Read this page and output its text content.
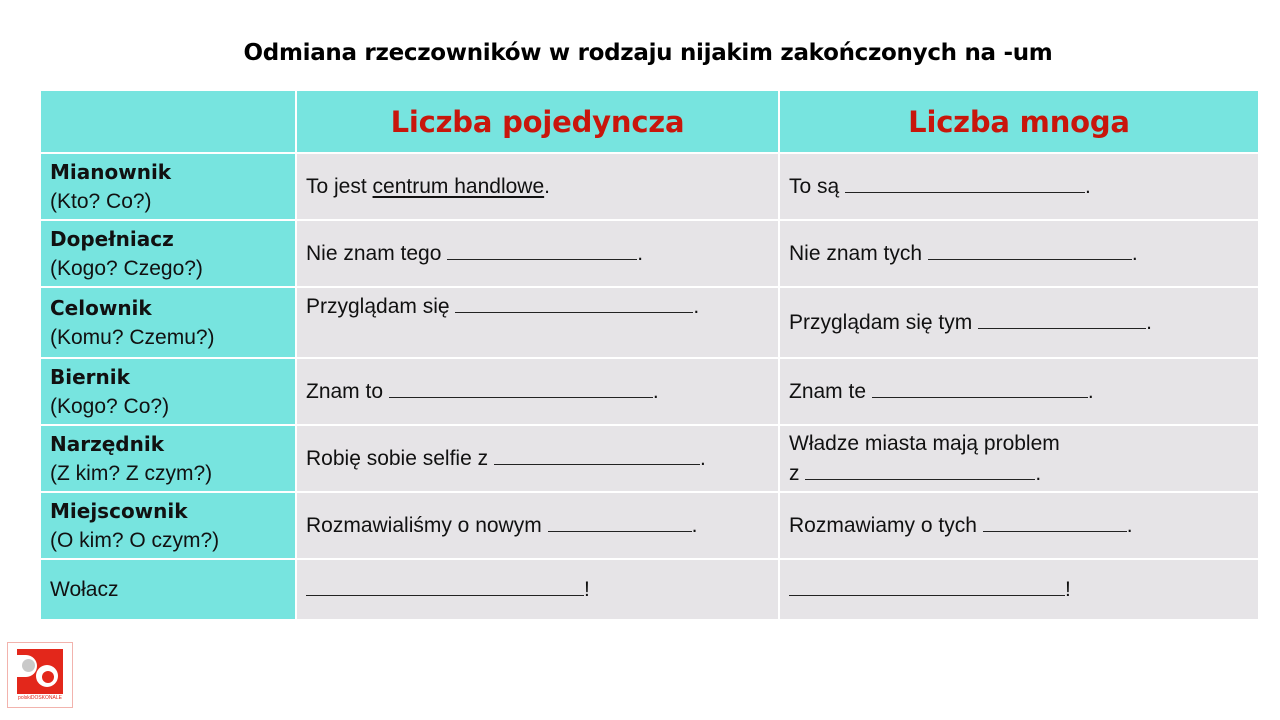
Odmiana rzeczowników w rodzaju nijakim zakończonych na -um
	Liczba pojedyncza	Liczba mnoga

Mianownik
(Kto? Co?)	To jest centrum handlowe.	To są .

Dopełniacz
(Kogo? Czego?)	Nie znam tego .	Nie znam tych .

Celownik
(Komu? Czemu?)	Przyglądam się .	Przyglądam się tym .

Biernik
(Kogo? Co?)	Znam to .	Znam te .

Narzędnik
(Z kim? Z czym?)	Robię sobie selfie z .	Władze miasta mają problem
z .

Miejscownik
(O kim? O czym?)	Rozmawialiśmy o nowym .	Rozmawiamy o tych .

Wołacz	!	!
polskiDOSKONALE
